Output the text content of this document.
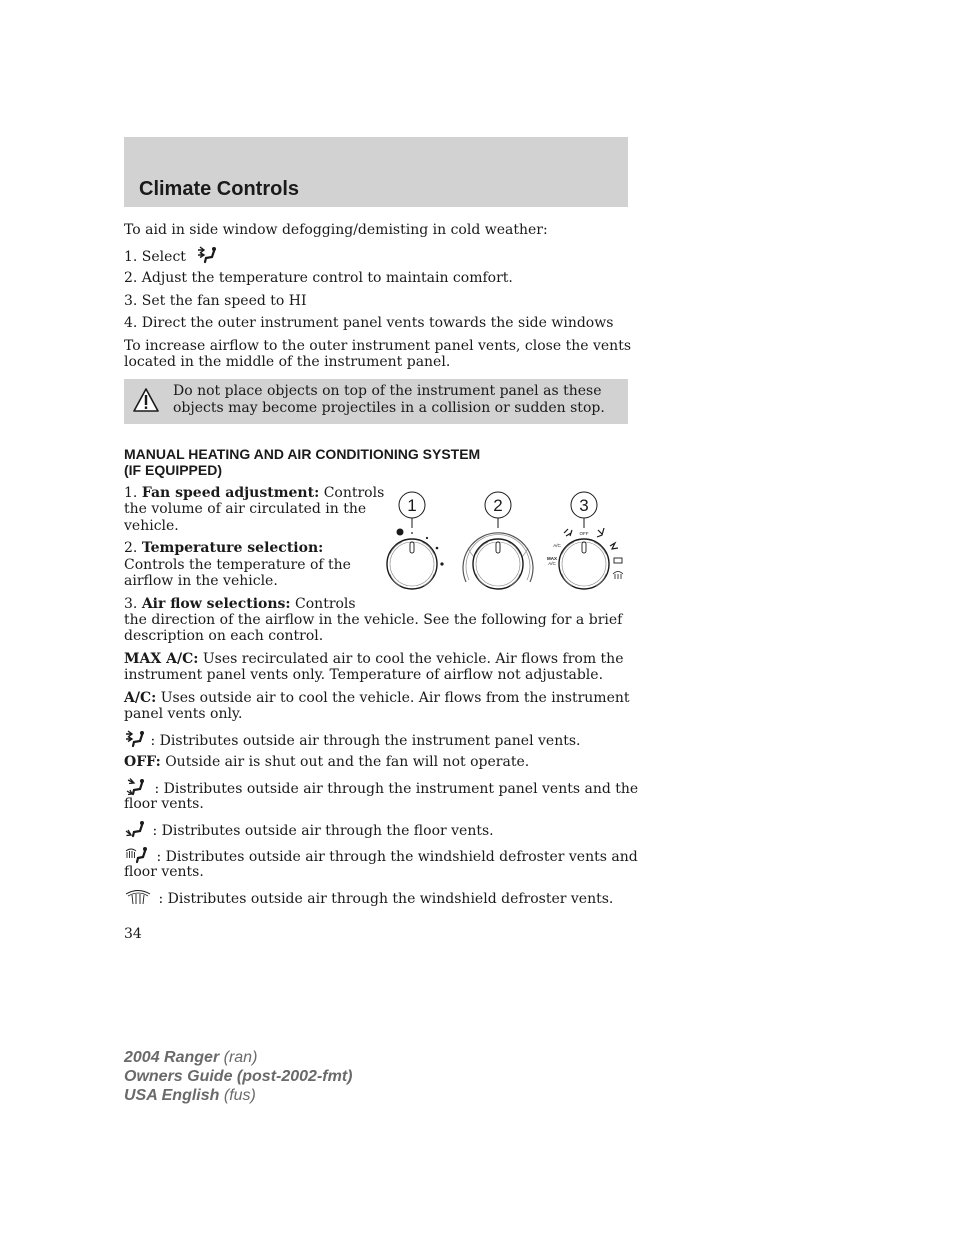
Climate Controls
To aid in side window defogging/demisting in cold weather:
1. Select
2. Adjust the temperature control to maintain comfort.
3. Set the fan speed to HI
4. Direct the outer instrument panel vents towards the side windows
To increase airflow to the outer instrument panel vents, close the vents
located in the middle of the instrument panel.
Do not place objects on top of the instrument panel as these
objects may become projectiles in a collision or sudden stop.
MANUAL HEATING AND AIR CONDITIONING SYSTEM
(IF EQUIPPED)
1. Fan speed adjustment: Controls
the volume of air circulated in the
vehicle.
2. Temperature selection:
Controls the temperature of the
airflow in the vehicle.
3. Air flow selections: Controls
the direction of the airflow in the vehicle. See the following for a brief
description on each control.
1	2	3
OFF
A/C
MAX
A/C
MAX A/C: Uses recirculated air to cool the vehicle. Air flows from the
instrument panel vents only. Temperature of airflow not adjustable.
A/C: Uses outside air to cool the vehicle. Air flows from the instrument
panel vents only.
: Distributes outside air through the instrument panel vents.
OFF: Outside air is shut out and the fan will not operate.
: Distributes outside air through the instrument panel vents and the
floor vents.
: Distributes outside air through the floor vents.
: Distributes outside air through the windshield defroster vents and
floor vents.
: Distributes outside air through the windshield defroster vents.
34
2004 Ranger (ran)
Owners Guide (post-2002-fmt)
USA English (fus)
